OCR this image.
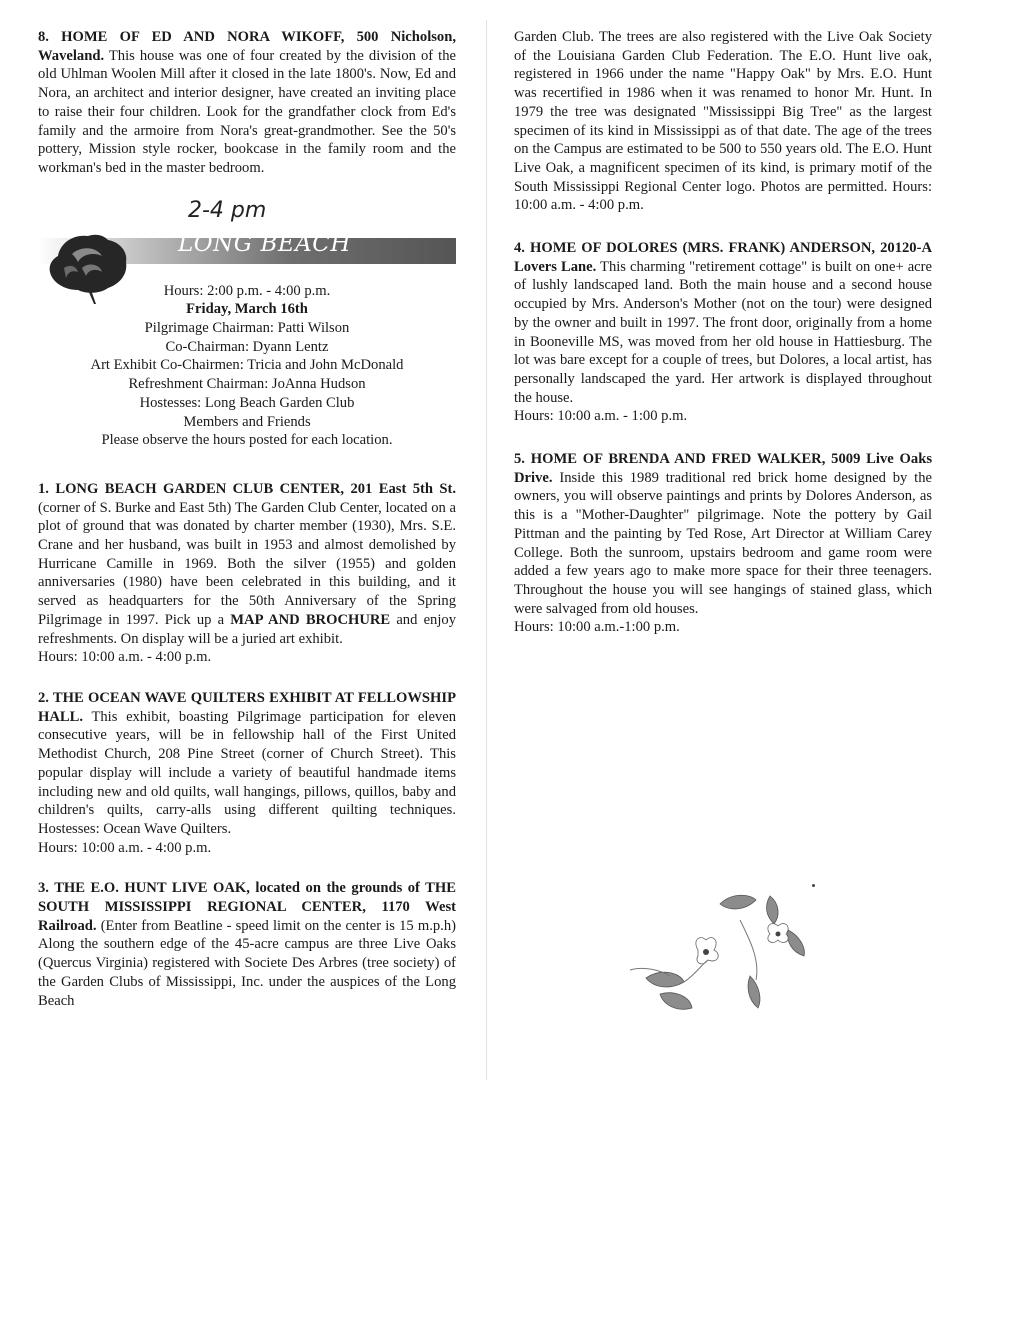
8. HOME OF ED AND NORA WIKOFF, 500 Nicholson, Waveland. This house was one of four created by the division of the old Uhlman Woolen Mill after it closed in the late 1800's. Now, Ed and Nora, an architect and interior designer, have created an inviting place to raise their four children. Look for the grandfather clock from Ed's family and the armoire from Nora's great-grandmother. See the 50's pottery, Mission style rocker, bookcase in the family room and the workman's bed in the master bedroom.

2-4 pm
LONG BEACH

Hours: 2:00 p.m. - 4:00 p.m.

Friday, March 16th

Pilgrimage Chairman: Patti Wilson

Co-Chairman: Dyann Lentz

Art Exhibit Co-Chairmen: Tricia and John McDonald

Refreshment Chairman: JoAnna Hudson

Hostesses: Long Beach Garden Club

Members and Friends

Please observe the hours posted for each location.

1. LONG BEACH GARDEN CLUB CENTER, 201 East 5th St. (corner of S. Burke and East 5th) The Garden Club Center, located on a plot of ground that was donated by charter member (1930), Mrs. S.E. Crane and her husband, was built in 1953 and almost demolished by Hurricane Camille in 1969. Both the silver (1955) and golden anniversaries (1980) have been celebrated in this building, and it served as headquarters for the 50th Anniversary of the Spring Pilgrimage in 1997. Pick up a MAP AND BROCHURE and enjoy refreshments. On display will be a juried art exhibit.

Hours: 10:00 a.m. - 4:00 p.m.

2. THE OCEAN WAVE QUILTERS EXHIBIT AT FELLOWSHIP HALL. This exhibit, boasting Pilgrimage participation for eleven consecutive years, will be in fellowship hall of the First United Methodist Church, 208 Pine Street (corner of Church Street). This popular display will include a variety of beautiful handmade items including new and old quilts, wall hangings, pillows, quillos, baby and children's quilts, carry-alls using different quilting techniques. Hostesses: Ocean Wave Quilters.

Hours: 10:00 a.m. - 4:00 p.m.

3. THE E.O. HUNT LIVE OAK, located on the grounds of THE SOUTH MISSISSIPPI REGIONAL CENTER, 1170 West Railroad. (Enter from Beatline - speed limit on the center is 15 m.p.h) Along the southern edge of the 45-acre campus are three Live Oaks (Quercus Virginia) registered with Societe Des Arbres (tree society) of the Garden Clubs of Mississippi, Inc. under the auspices of the Long Beach

Garden Club. The trees are also registered with the Live Oak Society of the Louisiana Garden Club Federation. The E.O. Hunt live oak, registered in 1966 under the name "Happy Oak" by Mrs. E.O. Hunt was recertified in 1986 when it was renamed to honor Mr. Hunt. In 1979 the tree was designated "Mississippi Big Tree" as the largest specimen of its kind in Mississippi as of that date. The age of the trees on the Campus are estimated to be 500 to 550 years old. The E.O. Hunt Live Oak, a magnificent specimen of its kind, is primary motif of the South Mississippi Regional Center logo. Photos are permitted. Hours: 10:00 a.m. - 4:00 p.m.

4. HOME OF DOLORES (MRS. FRANK) ANDERSON, 20120-A Lovers Lane. This charming "retirement cottage" is built on one+ acre of lushly landscaped land. Both the main house and a second house occupied by Mrs. Anderson's Mother (not on the tour) were designed by the owner and built in 1997. The front door, originally from a home in Booneville MS, was moved from her old house in Hattiesburg. The lot was bare except for a couple of trees, but Dolores, a local artist, has personally landscaped the yard. Her artwork is displayed throughout the house.

Hours: 10:00 a.m. - 1:00 p.m.

5. HOME OF BRENDA AND FRED WALKER, 5009 Live Oaks Drive. Inside this 1989 traditional red brick home designed by the owners, you will observe paintings and prints by Dolores Anderson, as this is a "Mother-Daughter" pilgrimage. Note the pottery by Gail Pittman and the painting by Ted Rose, Art Director at William Carey College. Both the sunroom, upstairs bedroom and game room were added a few years ago to make more space for their three teenagers. Throughout the house you will see hangings of stained glass, which were salvaged from old houses.

Hours: 10:00 a.m.-1:00 p.m.
